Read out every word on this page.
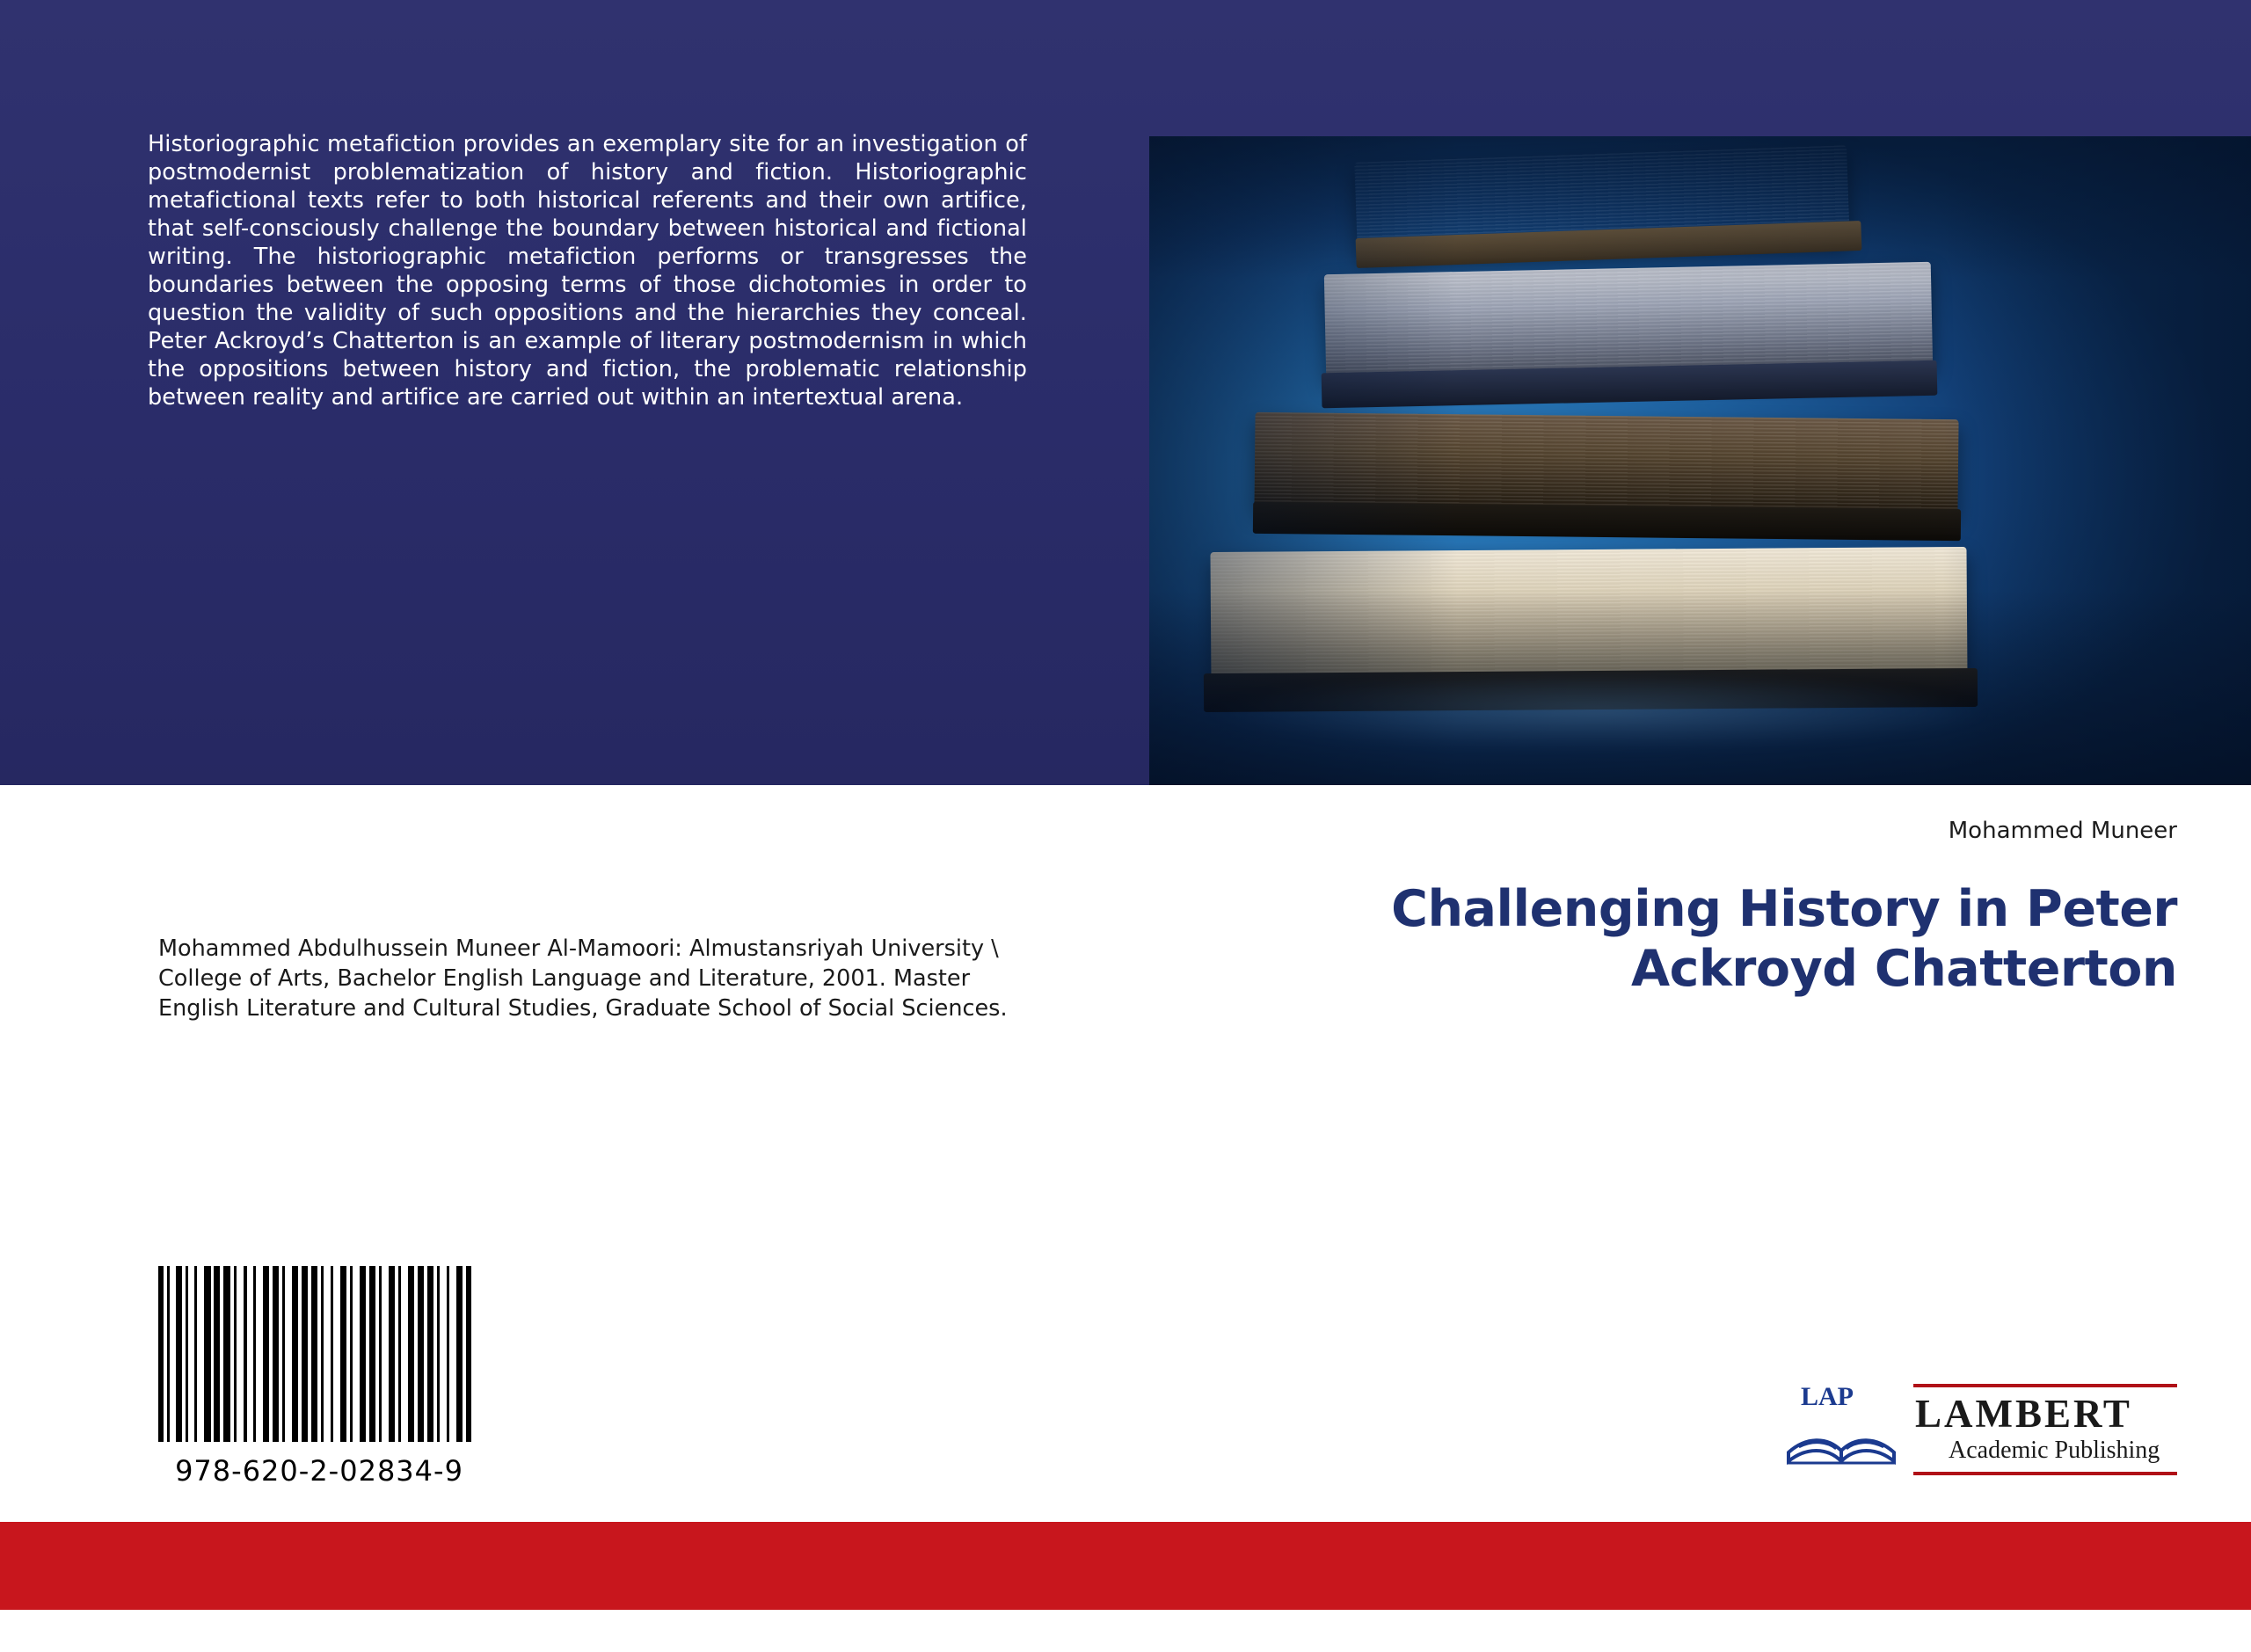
Historiographic metafiction provides an exemplary site for an investigation of postmodernist problematization of history and fiction. Historiographic metafictional texts refer to both historical referents and their own artifice, that self-consciously challenge the boundary between historical and fictional writing. The historiographic metafiction performs or transgresses the boundaries between the opposing terms of those dichotomies in order to question the validity of such oppositions and the hierarchies they conceal. Peter Ackroyd’s Chatterton is an example of literary postmodernism in which the oppositions between history and fiction, the problematic relationship between reality and artifice are carried out within an intertextual arena.
Mohammed Muneer
Challenging History in Peter Ackroyd Chatterton
Mohammed Abdulhussein Muneer Al-Mamoori: Almustansriyah University \ College of Arts, Bachelor English Language and Literature, 2001. Master English Literature and Cultural Studies, Graduate School of Social Sciences.
978-620-2-02834-9
LAP LAMBERT
Academic Publishing
